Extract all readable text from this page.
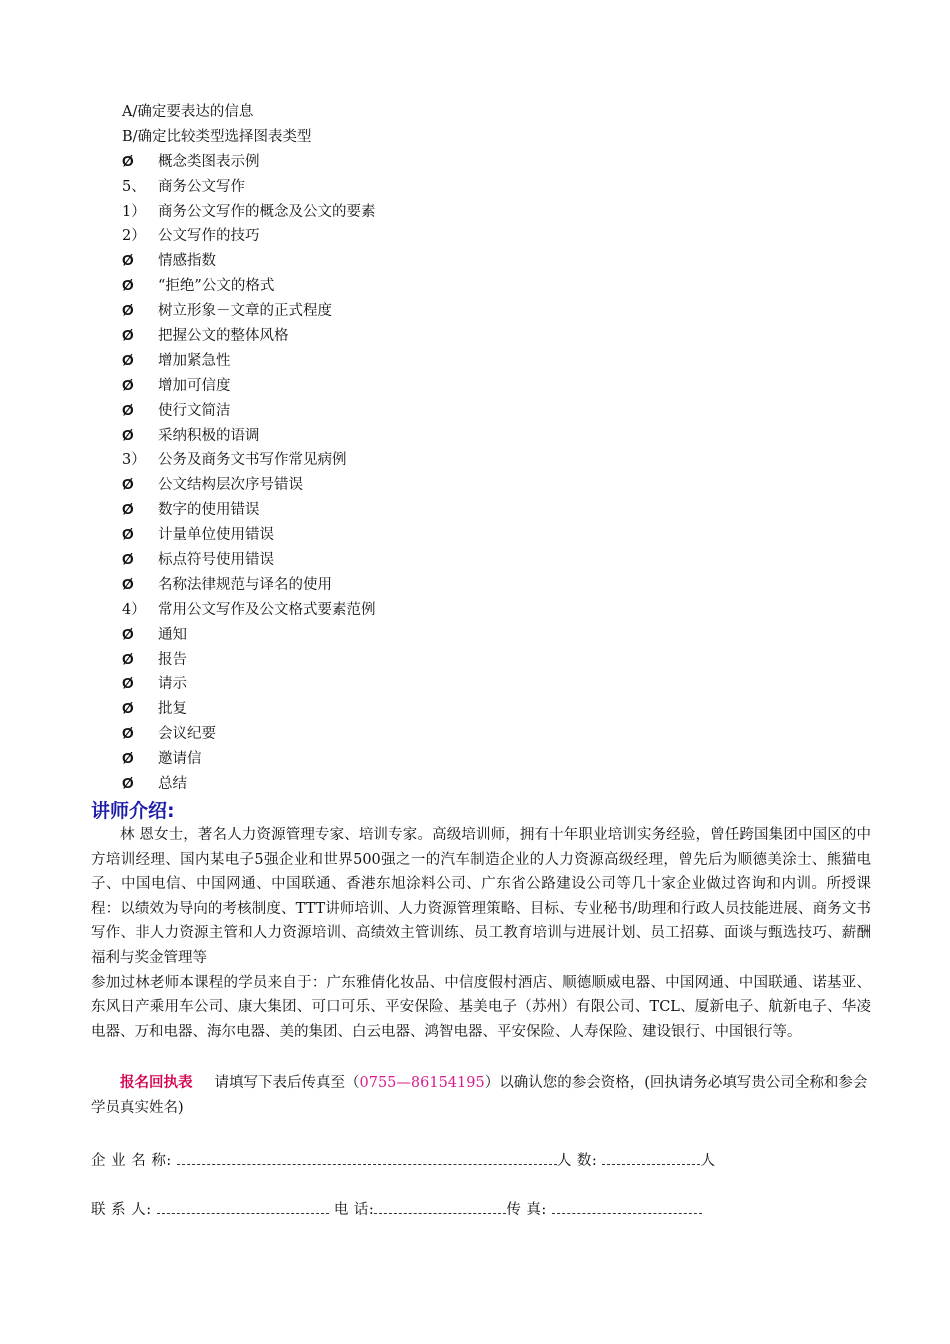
A/确定要表达的信息
B/确定比较类型选择图表类型
Ø 概念类图表示例
5、 商务公文写作
1） 商务公文写作的概念及公文的要素
2） 公文写作的技巧
Ø 情感指数
Ø “拒绝”公文的格式
Ø 树立形象－文章的正式程度
Ø 把握公文的整体风格
Ø 增加紧急性
Ø 增加可信度
Ø 使行文简洁
Ø 采纳积极的语调
3） 公务及商务文书写作常见病例
Ø 公文结构层次序号错误
Ø 数字的使用错误
Ø 计量单位使用错误
Ø 标点符号使用错误
Ø 名称法律规范与译名的使用
4） 常用公文写作及公文格式要素范例
Ø 通知
Ø 报告
Ø 请示
Ø 批复
Ø 会议纪要
Ø 邀请信
Ø 总结
讲师介绍:

林 恩女士，著名人力资源管理专家、培训专家。高级培训师，拥有十年职业培训实务经验，曾任跨国集团中国区的中方培训经理、国内某电子5强企业和世界500强之一的汽车制造企业的人力资源高级经理，曾先后为顺德美涂士、熊猫电子、中国电信、中国网通、中国联通、香港东旭涂料公司、广东省公路建设公司等几十家企业做过咨询和内训。所授课程：以绩效为导向的考核制度、TTT讲师培训、人力资源管理策略、目标、专业秘书/助理和行政人员技能进展、商务文书写作、非人力资源主管和人力资源培训、高绩效主管训练、员工教育培训与进展计划、员工招募、面谈与甄选技巧、薪酬福利与奖金管理等

参加过林老师本课程的学员来自于：广东雅倩化妆品、中信度假村酒店、顺德顺威电器、中国网通、中国联通、诺基亚、东风日产乘用车公司、康大集团、可口可乐、平安保险、基美电子（苏州）有限公司、TCL、厦新电子、航新电子、华凌电器、万和电器、海尔电器、美的集团、白云电器、鸿智电器、平安保险、人寿保险、建设银行、中国银行等。

报名回执表 请填写下表后传真至（0755—86154195）以确认您的参会资格，(回执请务必填写贵公司全称和参会学员真实姓名)
企 业 名 称:	人 数:	人
联 系 人:	电 话:	传 真:
